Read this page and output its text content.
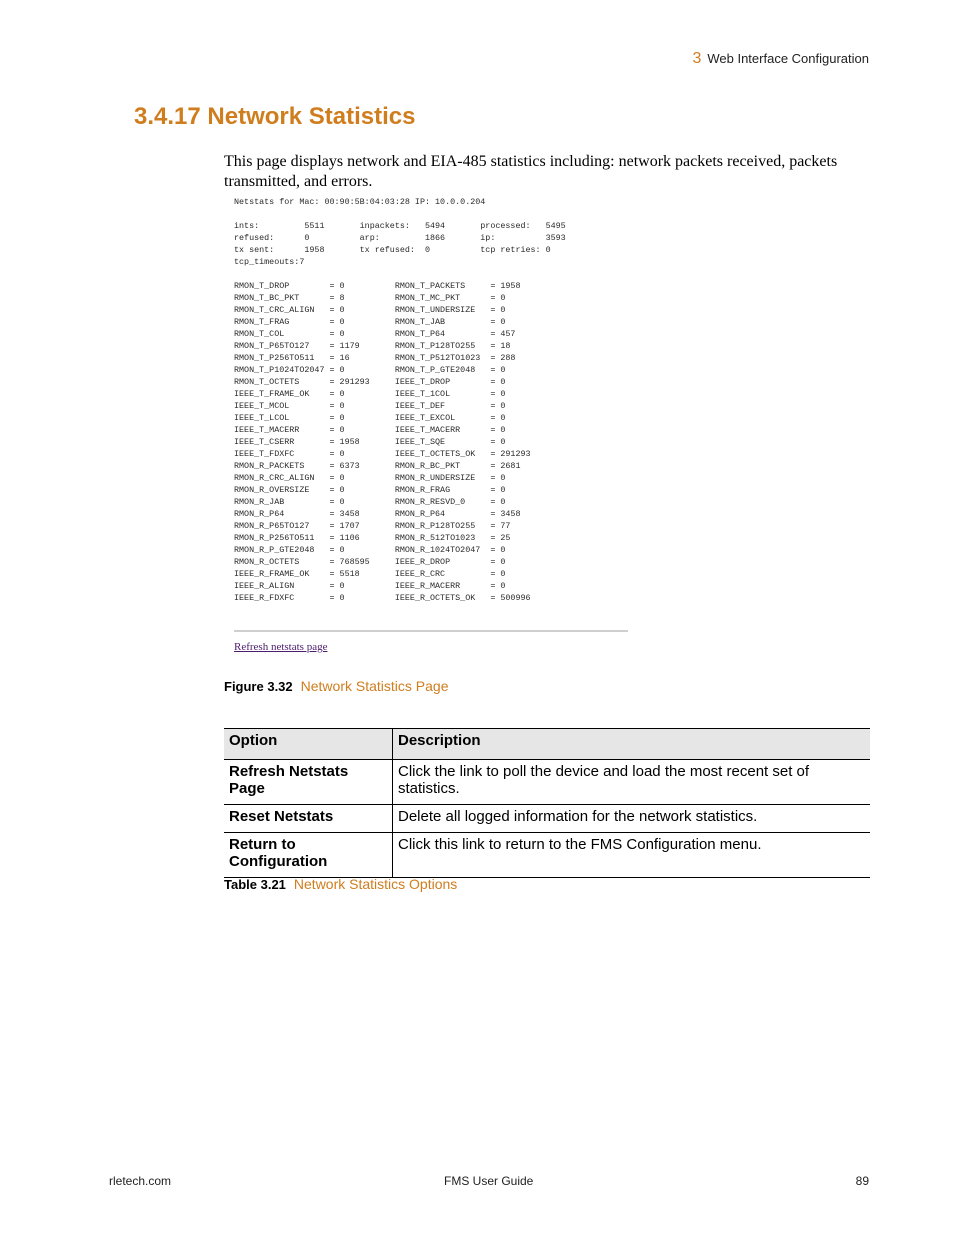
3 Web Interface Configuration
3.4.17 Network Statistics

This page displays network and EIA-485 statistics including: network packets received, packets transmitted, and errors.

Netstats for Mac: 00:90:5B:04:03:28 IP: 10.0.0.204

ints:         5511       inpackets:   5494       processed:   5495
refused:      0          arp:         1866       ip:          3593
tx sent:      1958       tx refused:  0          tcp retries: 0
tcp_timeouts:7

RMON_T_DROP        = 0          RMON_T_PACKETS     = 1958
RMON_T_BC_PKT      = 8          RMON_T_MC_PKT      = 0
RMON_T_CRC_ALIGN   = 0          RMON_T_UNDERSIZE   = 0
RMON_T_FRAG        = 0          RMON_T_JAB         = 0
RMON_T_COL         = 0          RMON_T_P64         = 457
RMON_T_P65TO127    = 1179       RMON_T_P128TO255   = 18
RMON_T_P256TO511   = 16         RMON_T_P512TO1023  = 288
RMON_T_P1024TO2047 = 0          RMON_T_P_GTE2048   = 0
RMON_T_OCTETS      = 291293     IEEE_T_DROP        = 0
IEEE_T_FRAME_OK    = 0          IEEE_T_1COL        = 0
IEEE_T_MCOL        = 0          IEEE_T_DEF         = 0
IEEE_T_LCOL        = 0          IEEE_T_EXCOL       = 0
IEEE_T_MACERR      = 0          IEEE_T_MACERR      = 0
IEEE_T_CSERR       = 1958       IEEE_T_SQE         = 0
IEEE_T_FDXFC       = 0          IEEE_T_OCTETS_OK   = 291293
RMON_R_PACKETS     = 6373       RMON_R_BC_PKT      = 2681
RMON_R_CRC_ALIGN   = 0          RMON_R_UNDERSIZE   = 0
RMON_R_OVERSIZE    = 0          RMON_R_FRAG        = 0
RMON_R_JAB         = 0          RMON_R_RESVD_0     = 0
RMON_R_P64         = 3458       RMON_R_P64         = 3458
RMON_R_P65TO127    = 1707       RMON_R_P128TO255   = 77
RMON_R_P256TO511   = 1106       RMON_R_512TO1023   = 25
RMON_R_P_GTE2048   = 0          RMON_R_1024TO2047  = 0
RMON_R_OCTETS      = 768595     IEEE_R_DROP        = 0
IEEE_R_FRAME_OK    = 5518       IEEE_R_CRC         = 0
IEEE_R_ALIGN       = 0          IEEE_R_MACERR      = 0
IEEE_R_FDXFC       = 0          IEEE_R_OCTETS_OK   = 500996
Refresh netstats page
Figure 3.32 Network Statistics Page
Option	Description
Refresh Netstats Page	Click the link to poll the device and load the most recent set of statistics.
Reset Netstats	Delete all logged information for the network statistics.
Return to Configuration	Click this link to return to the FMS Configuration menu.
Table 3.21 Network Statistics Options
rletech.com	FMS User Guide	89
